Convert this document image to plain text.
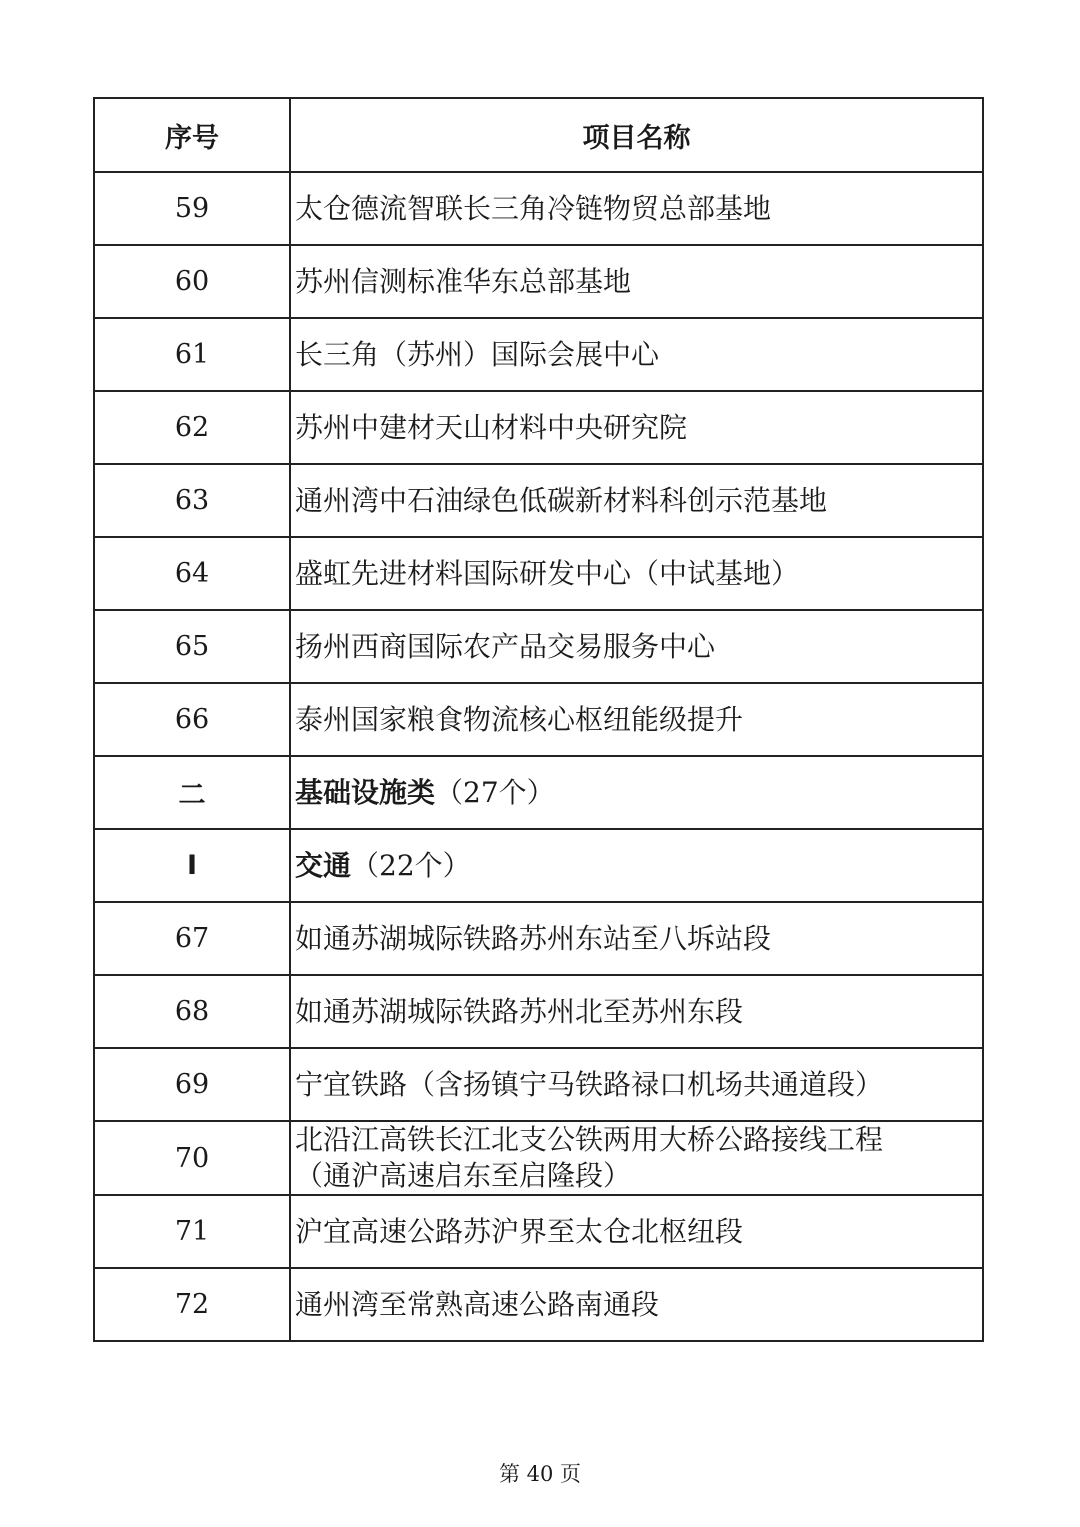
序号	项目名称
59	太仓德流智联长三角冷链物贸总部基地
60	苏州信测标准华东总部基地
61	长三角（苏州）国际会展中心
62	苏州中建材天山材料中央研究院
63	通州湾中石油绿色低碳新材料科创示范基地
64	盛虹先进材料国际研发中心（中试基地）
65	扬州西商国际农产品交易服务中心
66	泰州国家粮食物流核心枢纽能级提升
二	基础设施类（27个）
I	交通（22个）
67	如通苏湖城际铁路苏州东站至八坼站段
68	如通苏湖城际铁路苏州北至苏州东段
69	宁宜铁路（含扬镇宁马铁路禄口机场共通道段）
70	北沿江高铁长江北支公铁两用大桥公路接线工程
（通沪高速启东至启隆段）

71	沪宜高速公路苏沪界至太仓北枢纽段
72	通州湾至常熟高速公路南通段
第 40 页
